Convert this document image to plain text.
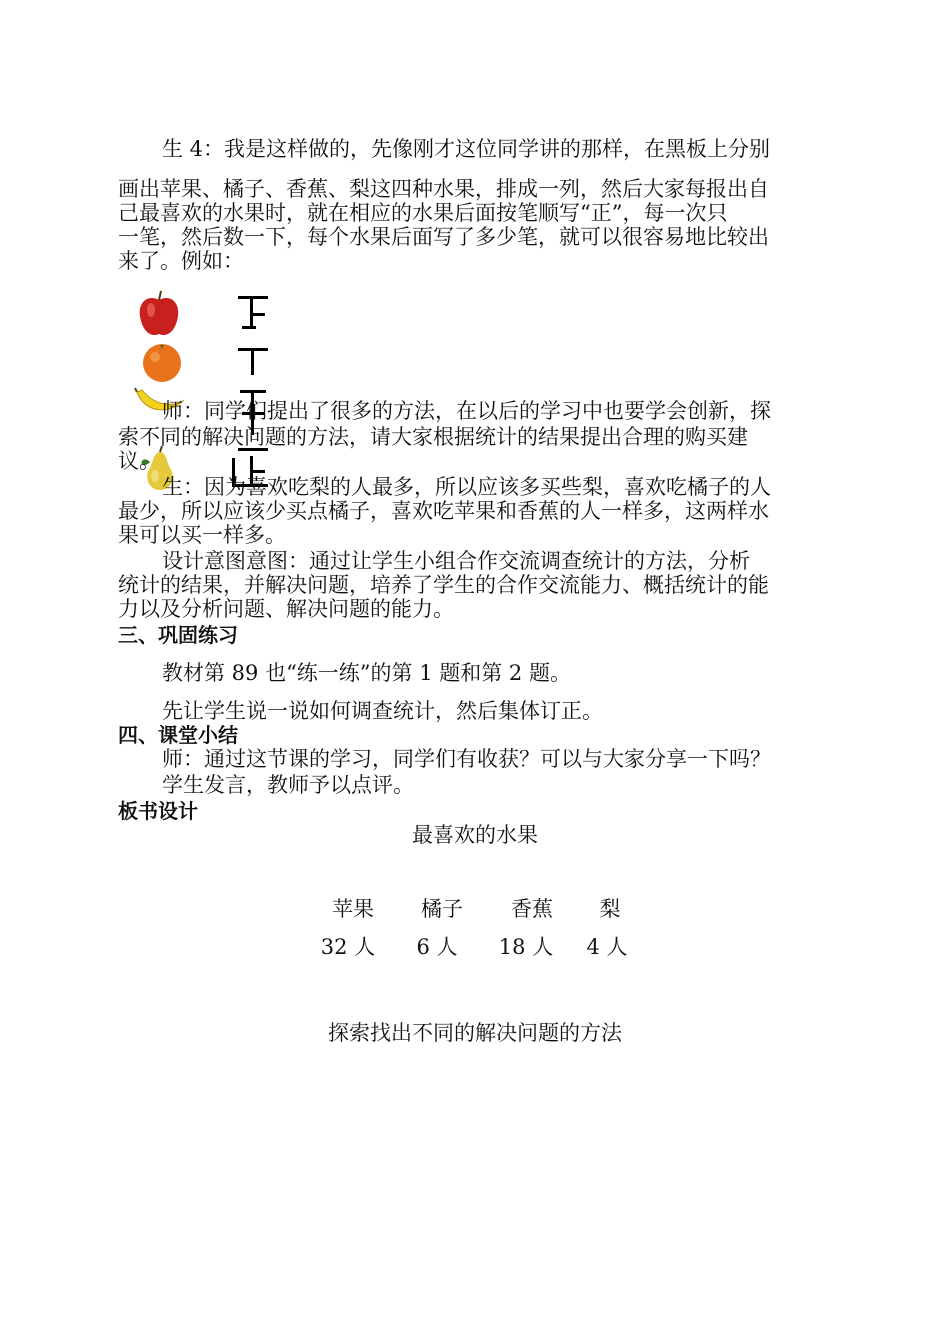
生 4：我是这样做的，先像刚才这位同学讲的那样，在黑板上分别
画出苹果、橘子、香蕉、梨这四种水果，排成一列，然后大家每报出自
己最喜欢的水果时，就在相应的水果后面按笔顺写“正”，每一次只
一笔，然后数一下，每个水果后面写了多少笔，就可以很容易地比较出
来了。例如：
师：同学们提出了很多的方法，在以后的学习中也要学会创新，探
索不同的解决问题的方法，请大家根据统计的结果提出合理的购买建
议。
生：因为喜欢吃梨的人最多，所以应该多买些梨，喜欢吃橘子的人
最少，所以应该少买点橘子，喜欢吃苹果和香蕉的人一样多，这两样水
果可以买一样多。
设计意图意图：通过让学生小组合作交流调查统计的方法，分析
统计的结果，并解决问题，培养了学生的合作交流能力、概括统计的能
力以及分析问题、解决问题的能力。
三、巩固练习
教材第 89 也“练一练”的第 1 题和第 2 题。
先让学生说一说如何调查统计，然后集体订正。
四、课堂小结
师：通过这节课的学习，同学们有收获？可以与大家分享一下吗？
学生发言，教师予以点评。
板书设计
最喜欢的水果
苹果	橘子	香蕉	梨
32 人	6 人	18 人	4 人
探索找出不同的解决问题的方法
